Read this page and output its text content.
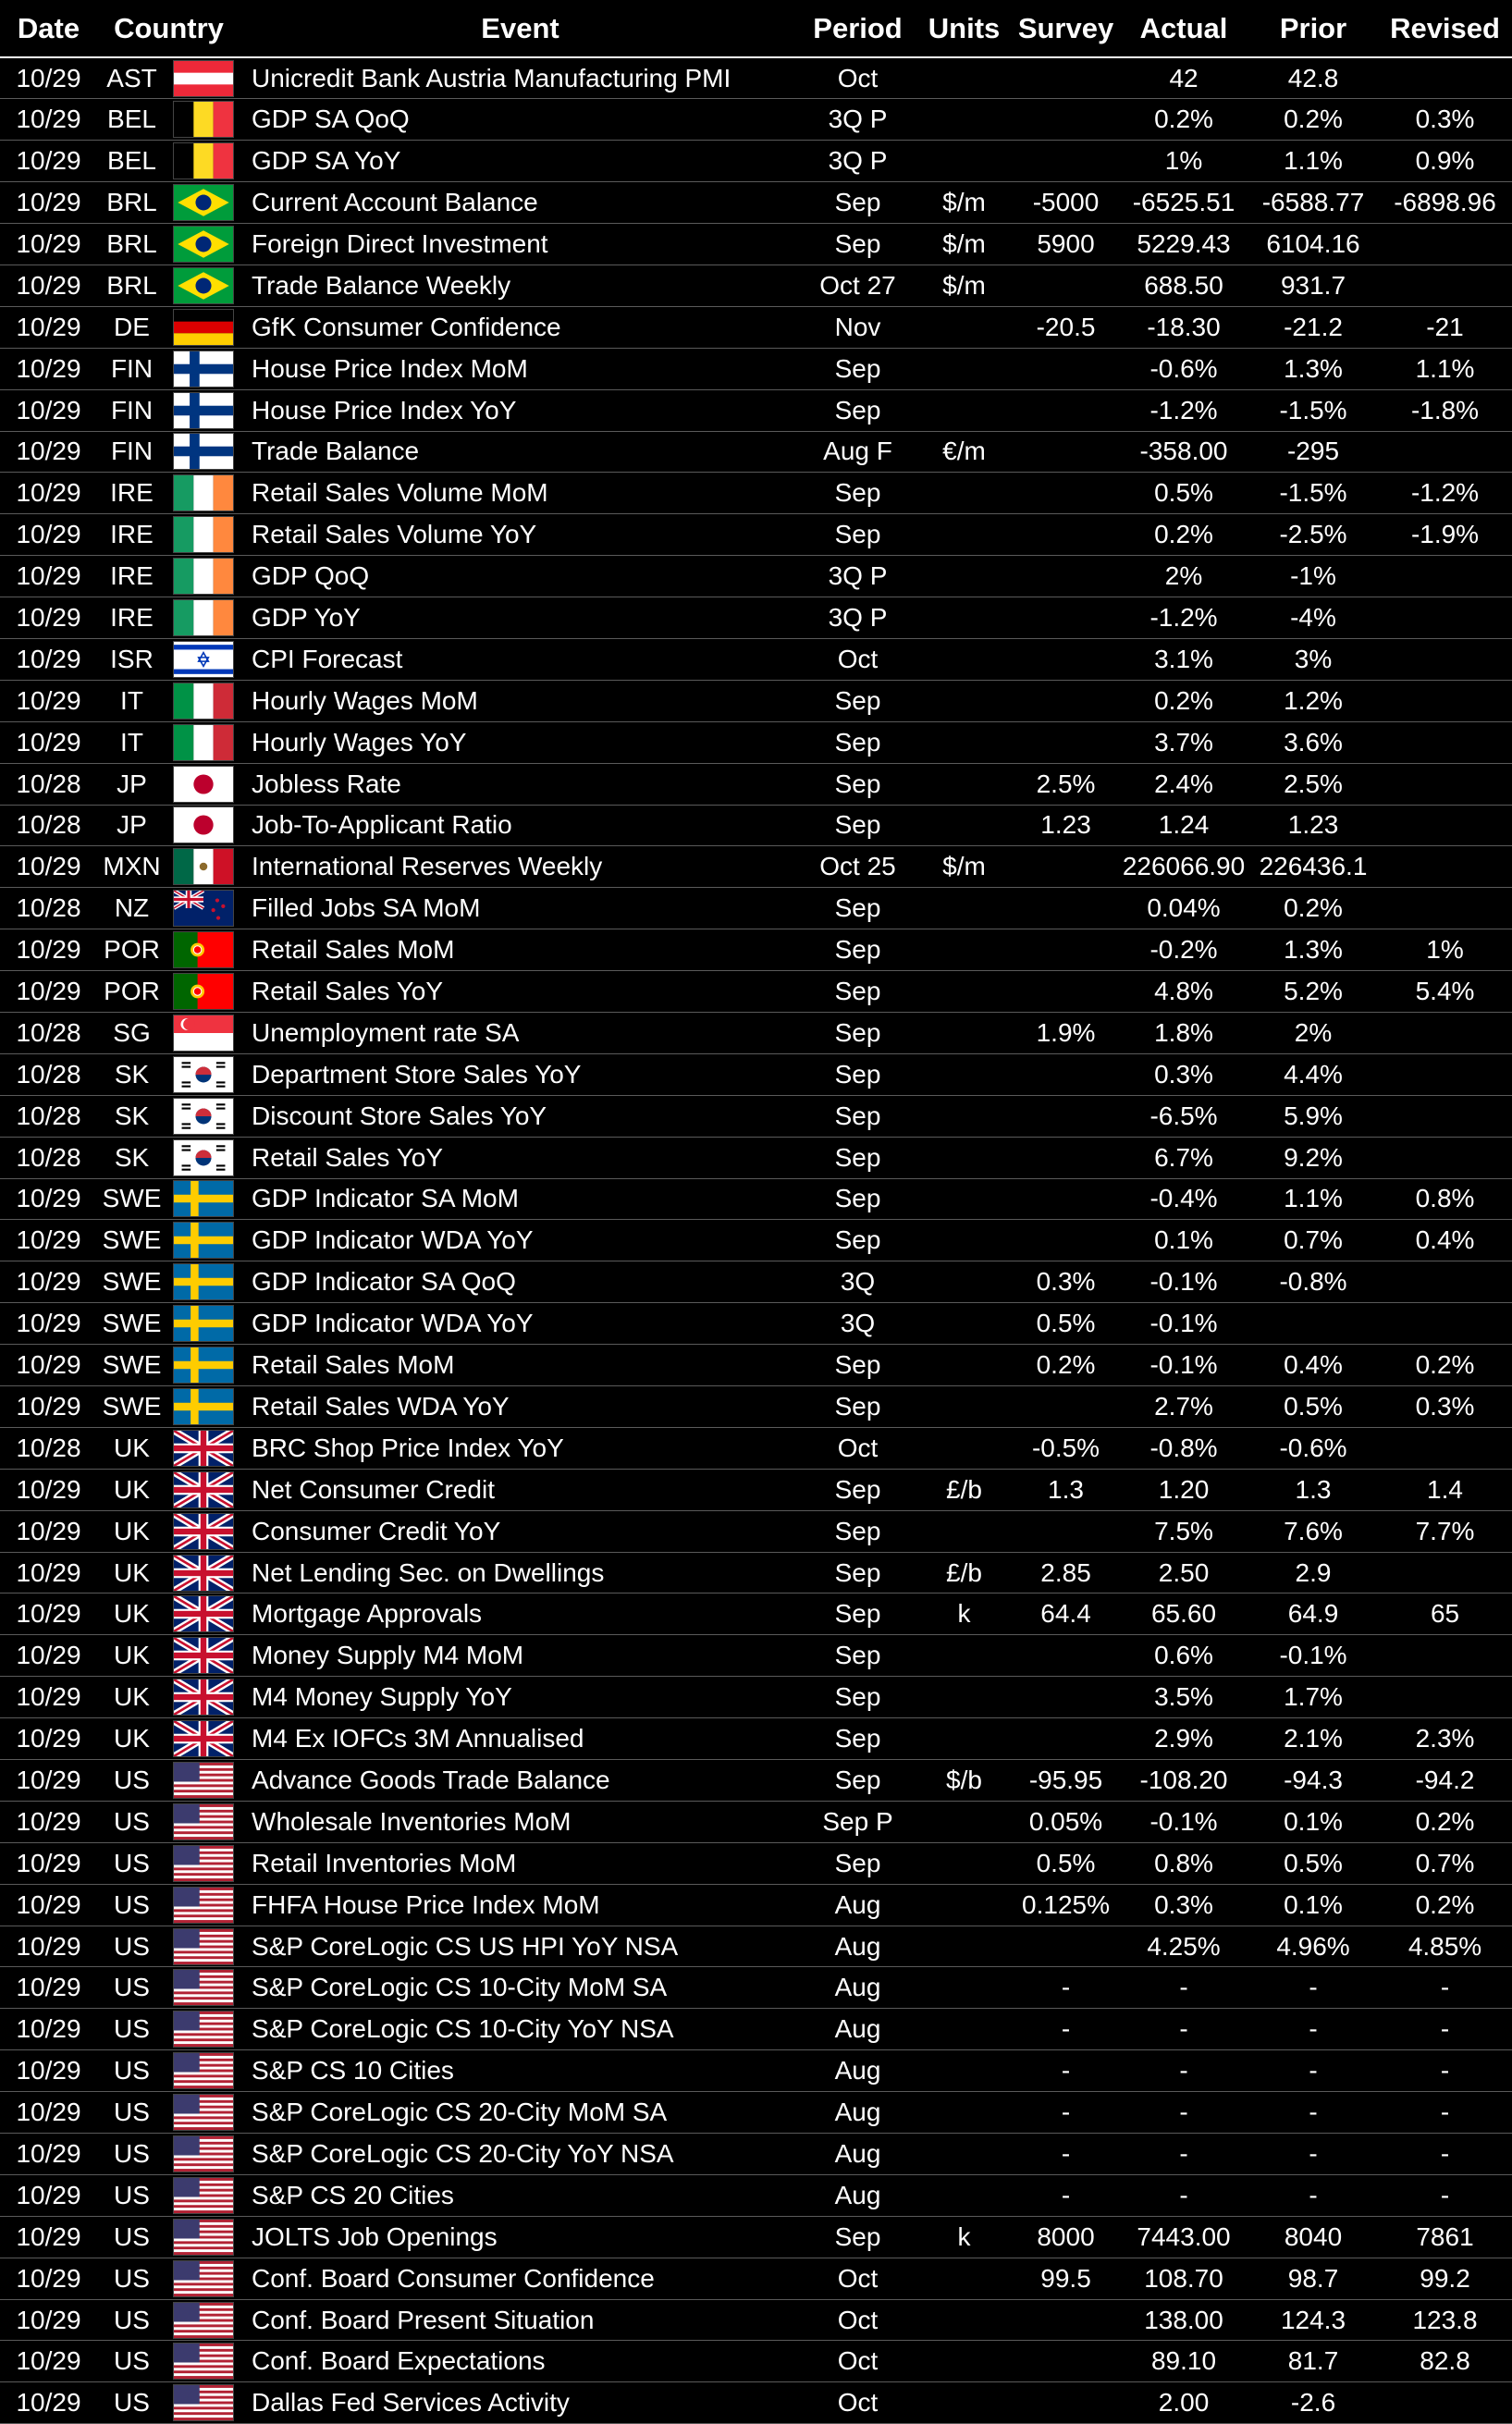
Date	Country		Event	Period	Units	Survey	Actual	Prior	Revised
10/29	AST		Unicredit Bank Austria Manufacturing PMI	Oct			42	42.8	
10/29	BEL		GDP SA QoQ	3Q P			0.2%	0.2%	0.3%
10/29	BEL		GDP SA YoY	3Q P			1%	1.1%	0.9%
10/29	BRL		Current Account Balance	Sep	$/m	-5000	-6525.51	-6588.77	-6898.96
10/29	BRL		Foreign Direct Investment	Sep	$/m	5900	5229.43	6104.16	
10/29	BRL		Trade Balance Weekly	Oct 27	$/m		688.50	931.7	
10/29	DE		GfK Consumer Confidence	Nov		-20.5	-18.30	-21.2	-21
10/29	FIN		House Price Index MoM	Sep			-0.6%	1.3%	1.1%
10/29	FIN		House Price Index YoY	Sep			-1.2%	-1.5%	-1.8%
10/29	FIN		Trade Balance	Aug F	€/m		-358.00	-295	
10/29	IRE		Retail Sales Volume MoM	Sep			0.5%	-1.5%	-1.2%
10/29	IRE		Retail Sales Volume YoY	Sep			0.2%	-2.5%	-1.9%
10/29	IRE		GDP QoQ	3Q P			2%	-1%	
10/29	IRE		GDP YoY	3Q P			-1.2%	-4%	
10/29	ISR		CPI Forecast	Oct			3.1%	3%	
10/29	IT		Hourly Wages MoM	Sep			0.2%	1.2%	
10/29	IT		Hourly Wages YoY	Sep			3.7%	3.6%	
10/28	JP		Jobless Rate	Sep		2.5%	2.4%	2.5%	
10/28	JP		Job-To-Applicant Ratio	Sep		1.23	1.24	1.23	
10/29	MXN		International Reserves Weekly	Oct 25	$/m		226066.90	226436.1	
10/28	NZ		Filled Jobs SA MoM	Sep			0.04%	0.2%	
10/29	POR		Retail Sales MoM	Sep			-0.2%	1.3%	1%
10/29	POR		Retail Sales YoY	Sep			4.8%	5.2%	5.4%
10/28	SG		Unemployment rate SA	Sep		1.9%	1.8%	2%	
10/28	SK		Department Store Sales YoY	Sep			0.3%	4.4%	
10/28	SK		Discount Store Sales YoY	Sep			-6.5%	5.9%	
10/28	SK		Retail Sales YoY	Sep			6.7%	9.2%	
10/29	SWE		GDP Indicator SA MoM	Sep			-0.4%	1.1%	0.8%
10/29	SWE		GDP Indicator WDA YoY	Sep			0.1%	0.7%	0.4%
10/29	SWE		GDP Indicator SA QoQ	3Q		0.3%	-0.1%	-0.8%	
10/29	SWE		GDP Indicator WDA YoY	3Q		0.5%	-0.1%		
10/29	SWE		Retail Sales MoM	Sep		0.2%	-0.1%	0.4%	0.2%
10/29	SWE		Retail Sales WDA YoY	Sep			2.7%	0.5%	0.3%
10/28	UK		BRC Shop Price Index YoY	Oct		-0.5%	-0.8%	-0.6%	
10/29	UK		Net Consumer Credit	Sep	£/b	1.3	1.20	1.3	1.4
10/29	UK		Consumer Credit YoY	Sep			7.5%	7.6%	7.7%
10/29	UK		Net Lending Sec. on Dwellings	Sep	£/b	2.85	2.50	2.9	
10/29	UK		Mortgage Approvals	Sep	k	64.4	65.60	64.9	65
10/29	UK		Money Supply M4 MoM	Sep			0.6%	-0.1%	
10/29	UK		M4 Money Supply YoY	Sep			3.5%	1.7%	
10/29	UK		M4 Ex IOFCs 3M Annualised	Sep			2.9%	2.1%	2.3%
10/29	US		Advance Goods Trade Balance	Sep	$/b	-95.95	-108.20	-94.3	-94.2
10/29	US		Wholesale Inventories MoM	Sep P		0.05%	-0.1%	0.1%	0.2%
10/29	US		Retail Inventories MoM	Sep		0.5%	0.8%	0.5%	0.7%
10/29	US		FHFA House Price Index MoM	Aug		0.125%	0.3%	0.1%	0.2%
10/29	US		S&P CoreLogic CS US HPI YoY NSA	Aug			4.25%	4.96%	4.85%
10/29	US		S&P CoreLogic CS 10-City MoM SA	Aug		-	-	-	-
10/29	US		S&P CoreLogic CS 10-City YoY NSA	Aug		-	-	-	-
10/29	US		S&P CS 10 Cities	Aug		-	-	-	-
10/29	US		S&P CoreLogic CS 20-City MoM SA	Aug		-	-	-	-
10/29	US		S&P CoreLogic CS 20-City YoY NSA	Aug		-	-	-	-
10/29	US		S&P CS 20 Cities	Aug		-	-	-	-
10/29	US		JOLTS Job Openings	Sep	k	8000	7443.00	8040	7861
10/29	US		Conf. Board Consumer Confidence	Oct		99.5	108.70	98.7	99.2
10/29	US		Conf. Board Present Situation	Oct			138.00	124.3	123.8
10/29	US		Conf. Board Expectations	Oct			89.10	81.7	82.8
10/29	US		Dallas Fed Services Activity	Oct			2.00	-2.6	
